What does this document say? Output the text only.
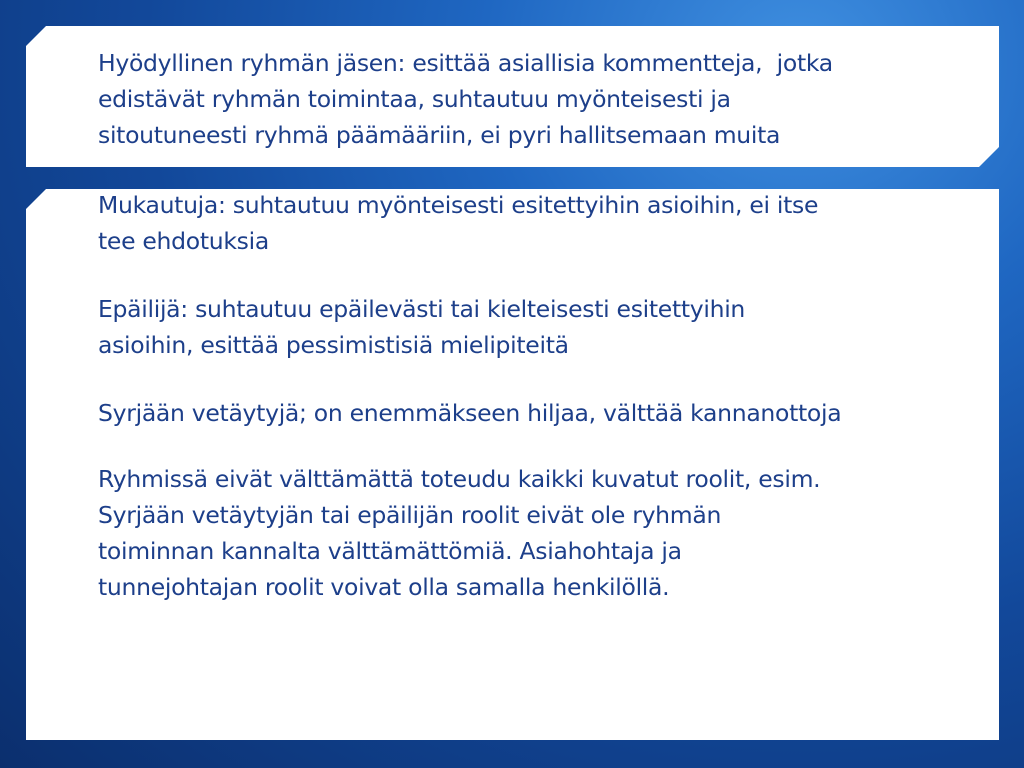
Hyödyllinen ryhmän jäsen: esittää asiallisia kommentteja,  jotka
edistävät ryhmän toimintaa, suhtautuu myönteisesti ja
sitoutuneesti ryhmä päämääriin, ei pyri hallitsemaan muita

Mukautuja: suhtautuu myönteisesti esitettyihin asioihin, ei itse
tee ehdotuksia

Epäilijä: suhtautuu epäilevästi tai kielteisesti esitettyihin
asioihin, esittää pessimistisiä mielipiteitä

Syrjään vetäytyjä; on enemmäkseen hiljaa, välttää kannanottoja

Ryhmissä eivät välttämättä toteudu kaikki kuvatut roolit, esim.
Syrjään vetäytyjän tai epäilijän roolit eivät ole ryhmän
toiminnan kannalta välttämättömiä. Asiahohtaja ja
tunnejohtajan roolit voivat olla samalla henkilöllä.
